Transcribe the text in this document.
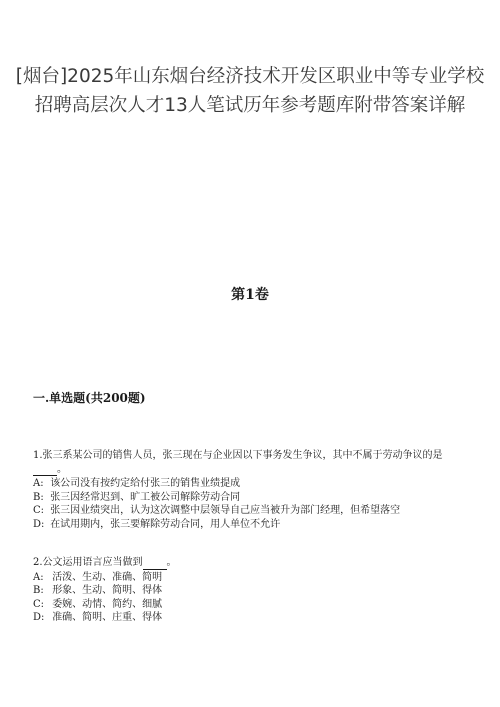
[烟台]2025年山东烟台经济技术开发区职业中等专业学校
招聘高层次人才13人笔试历年参考题库附带答案详解
第1卷
一.单选题(共200题)
1.张三系某公司的销售人员，张三现在与企业因以下事务发生争议，其中不属于劳动争议的是
。
A: 该公司没有按约定给付张三的销售业绩提成
B: 张三因经常迟到、旷工被公司解除劳动合同
C: 张三因业绩突出，认为这次调整中层领导自己应当被升为部门经理，但希望落空
D: 在试用期内，张三要解除劳动合同，用人单位不允许
2.公文运用语言应当做到 。
A: 活泼、生动、准确、简明
B: 形象、生动、简明、得体
C: 委婉、动情、简约、细腻
D: 准确、简明、庄重、得体
